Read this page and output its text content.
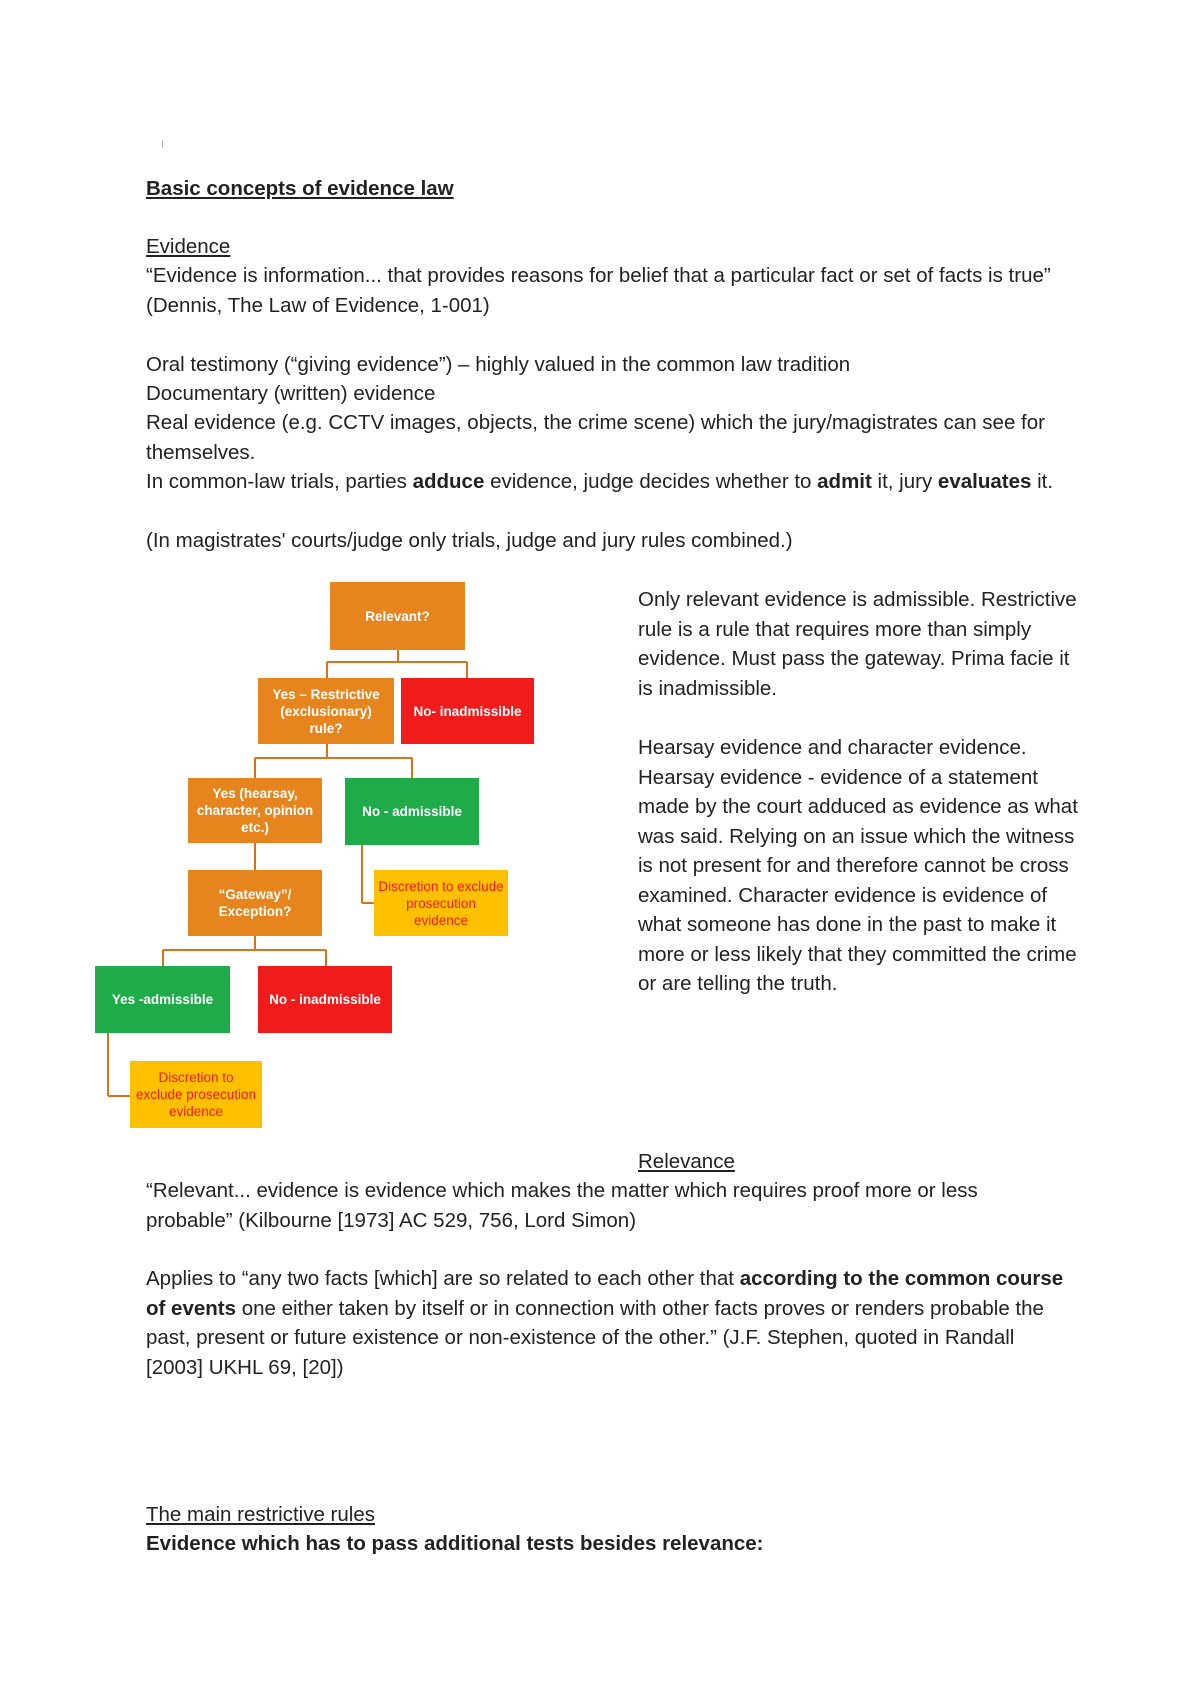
Basic concepts of evidence law

Evidence

“Evidence is information... that provides reasons for belief that a particular fact or set of facts is true” (Dennis, The Law of Evidence, 1-001)

Oral testimony (“giving evidence”) – highly valued in the common law tradition

Documentary (written) evidence

Real evidence (e.g. CCTV images, objects, the crime scene) which the jury/magistrates can see for themselves.

In common-law trials, parties adduce evidence, judge decides whether to admit it, jury evaluates it.

(In magistrates' courts/judge only trials, judge and jury rules combined.)

Relevant?
Yes – Restrictive (exclusionary) rule?
No- inadmissible
Yes (hearsay, character, opinion etc.)
No - admissible
Discretion to exclude prosecution evidence
“Gateway”/ Exception?
Yes -admissible	No - inadmissible
Discretion to exclude prosecution evidence
Only relevant evidence is admissible. Restrictive rule is a rule that requires more than simply evidence. Must pass the gateway. Prima facie it is inadmissible.
Hearsay evidence and character evidence. Hearsay evidence - evidence of a statement made by the court adduced as evidence as what was said. Relying on an issue which the witness is not present for and therefore cannot be cross examined. Character evidence is evidence of what someone has done in the past to make it more or less likely that they committed the crime or are telling the truth.

Relevance

“Relevant... evidence is evidence which makes the matter which requires proof more or less probable” (Kilbourne [1973] AC 529, 756, Lord Simon)

Applies to “any two facts [which] are so related to each other that according to the common course of events one either taken by itself or in connection with other facts proves or renders probable the past, present or future existence or non-existence of the other.” (J.F. Stephen, quoted in Randall [2003] UKHL 69, [20])

The main restrictive rules

Evidence which has to pass additional tests besides relevance:
